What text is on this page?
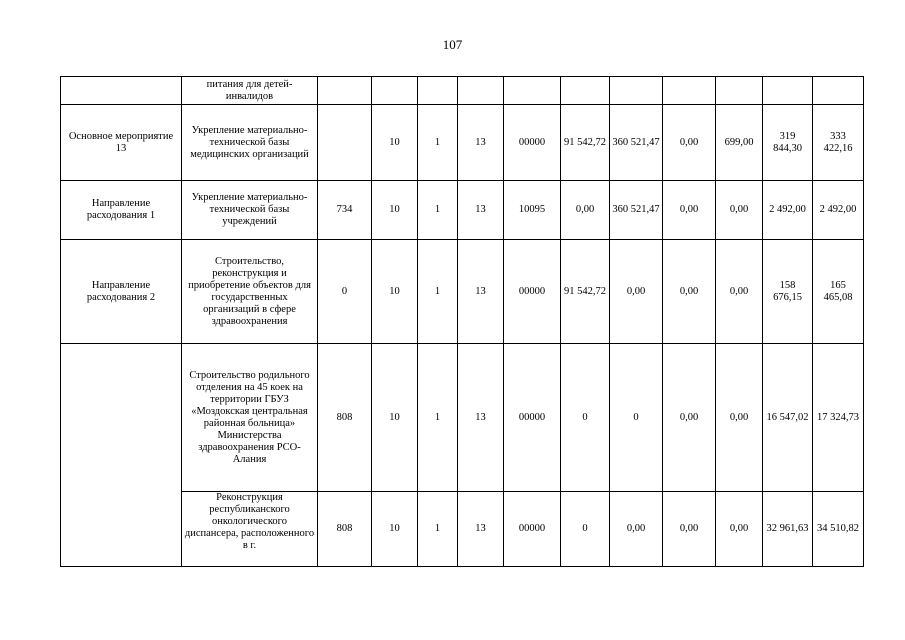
107
	питания для детей-инвалидов											
Основное мероприятие 13	Укрепление материально-технической базы медицинских организаций		10	1	13	00000	91 542,72	360 521,47	0,00	699,00	319 844,30	333 422,16
Направление расходования 1	Укрепление материально-технической базы учреждений	734	10	1	13	10095	0,00	360 521,47	0,00	0,00	2 492,00	2 492,00
Направление расходования 2	Строительство, реконструкция и приобретение объектов для государственных организаций в сфере здравоохранения	0	10	1	13	00000	91 542,72	0,00	0,00	0,00	158 676,15	165 465,08
	Строительство родильного отделения на 45 коек на территории ГБУЗ «Моздокская центральная районная больница» Министерства здравоохранения РСО-Алания	808	10	1	13	00000	0	0	0,00	0,00	16 547,02	17 324,73
	Реконструкция республиканского онкологического диспансера, расположенного в г.	808	10	1	13	00000	0	0,00	0,00	0,00	32 961,63	34 510,82
